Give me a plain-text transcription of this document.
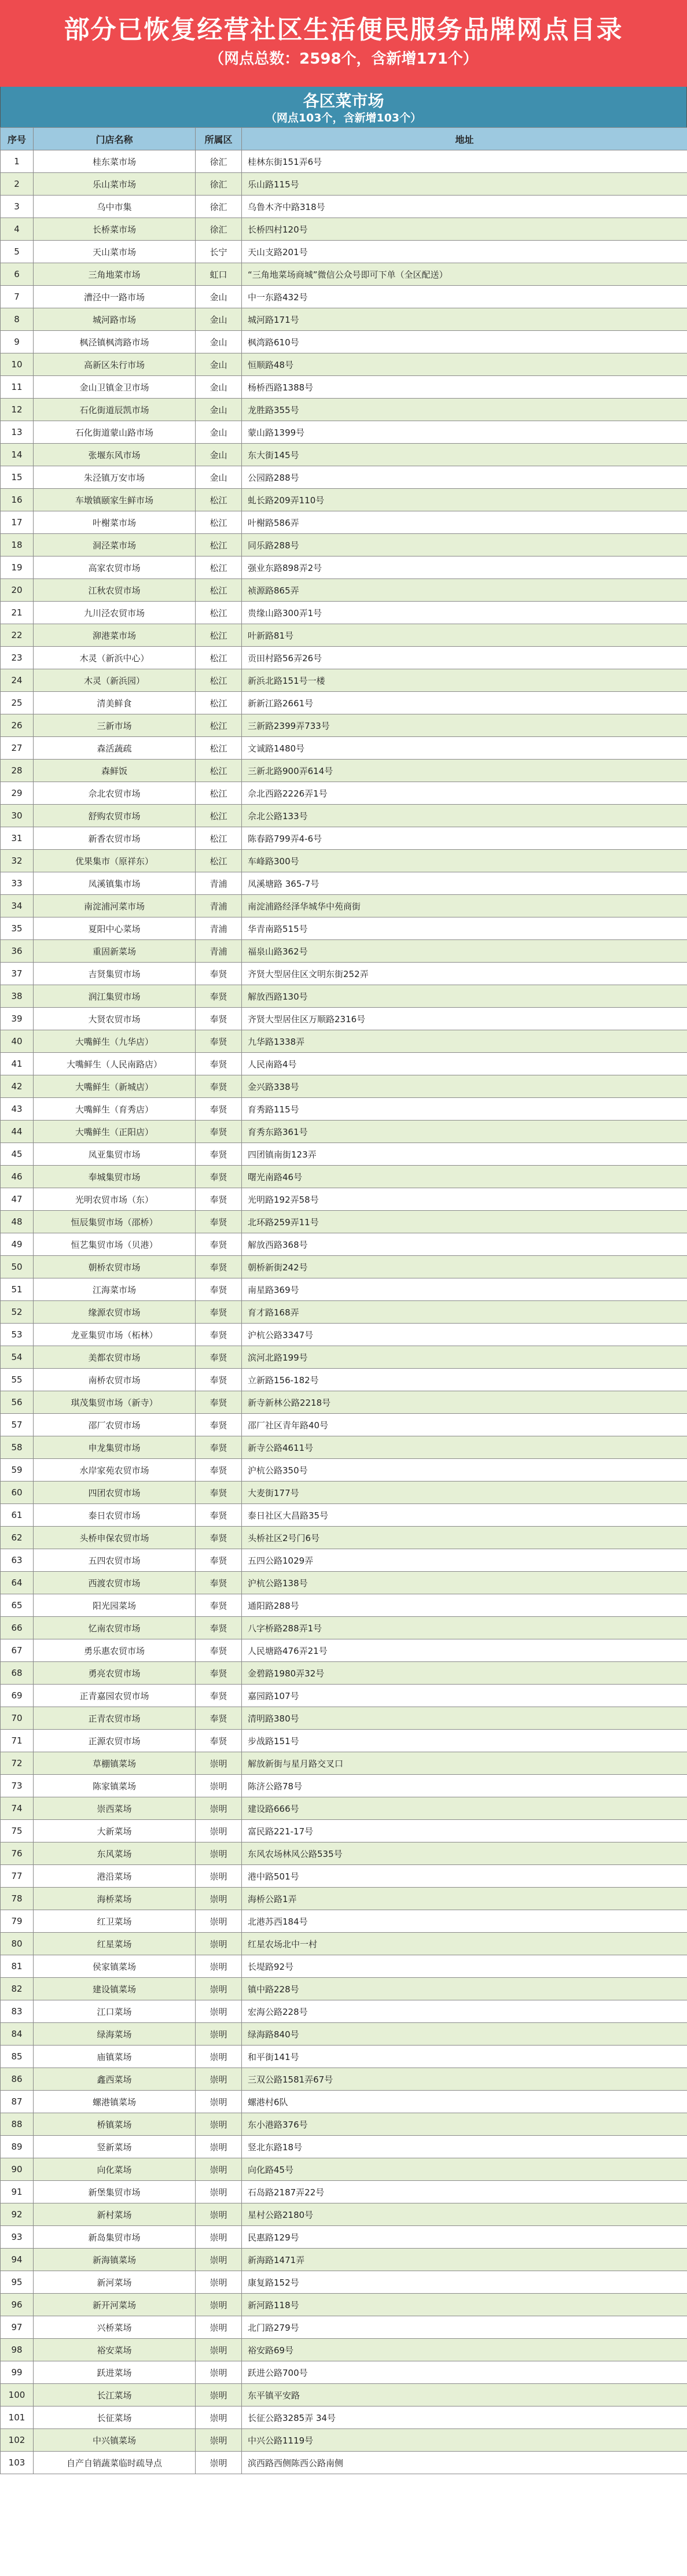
部分已恢复经营社区生活便民服务品牌网点目录
（网点总数：2598个，含新增171个）
各区菜市场
（网点103个，含新增103个）
序号	门店名称	所属区	地址
1	桂东菜市场	徐汇	桂林东街151弄6号
2	乐山菜市场	徐汇	乐山路115号
3	乌中市集	徐汇	乌鲁木齐中路318号
4	长桥菜市场	徐汇	长桥四村120号
5	天山菜市场	长宁	天山支路201号
6	三角地菜市场	虹口	“三角地菜场商城”微信公众号即可下单（全区配送）
7	漕泾中一路市场	金山	中一东路432号
8	城河路市场	金山	城河路171号
9	枫泾镇枫湾路市场	金山	枫湾路610号
10	高新区朱行市场	金山	恒顺路48号
11	金山卫镇金卫市场	金山	杨桥西路1388号
12	石化街道辰凯市场	金山	龙胜路355号
13	石化街道蒙山路市场	金山	蒙山路1399号
14	张堰东风市场	金山	东大街145号
15	朱泾镇万安市场	金山	公园路288号
16	车墩镇颐家生鲜市场	松江	虬长路209弄110号
17	叶榭菜市场	松江	叶榭路586弄
18	洞泾菜市场	松江	同乐路288号
19	高家农贸市场	松江	强业东路898弄2号
20	江秋农贸市场	松江	祯源路865弄
21	九川泾农贸市场	松江	贵缘山路300弄1号
22	泖港菜市场	松江	叶新路81号
23	木灵（新浜中心）	松江	贡田村路56弄26号
24	木灵（新浜园）	松江	新浜北路151号一楼
25	清美鲜食	松江	新新江路2661号
26	三新市场	松江	三新路2399弄733号
27	森活蔬疏	松江	文诚路1480号
28	森鲜饭	松江	三新北路900弄614号
29	佘北农贸市场	松江	佘北西路2226弄1号
30	舒购农贸市场	松江	佘北公路133号
31	新香农贸市场	松江	陈春路799弄4-6号
32	优果集市（原祥东）	松江	车峰路300号
33	凤溪镇集市场	青浦	凤溪塘路 365-7号
34	南淀浦河菜市场	青浦	南淀浦路经泽华城华中苑商街
35	夏阳中心菜场	青浦	华青南路515号
36	重固新菜场	青浦	福泉山路362号
37	吉贤集贸市场	奉贤	齐贤大型居住区文明东街252弄
38	润江集贸市场	奉贤	解放西路130号
39	大贤农贸市场	奉贤	齐贤大型居住区万顺路2316号
40	大嘴鲜生（九华店）	奉贤	九华路1338弄
41	大嘴鲜生（人民南路店）	奉贤	人民南路4号
42	大嘴鲜生（新城店）	奉贤	金兴路338号
43	大嘴鲜生（育秀店）	奉贤	育秀路115号
44	大嘴鲜生（正阳店）	奉贤	育秀东路361号
45	凤亚集贸市场	奉贤	四团镇南街123弄
46	奉城集贸市场	奉贤	曙光南路46号
47	光明农贸市场（东）	奉贤	光明路192弄58号
48	恒辰集贸市场（邵桥）	奉贤	北环路259弄11号
49	恒艺集贸市场（贝港）	奉贤	解放西路368号
50	朝桥农贸市场	奉贤	朝桥新街242号
51	江海菜市场	奉贤	南星路369号
52	缘源农贸市场	奉贤	育才路168弄
53	龙亚集贸市场（柘林）	奉贤	沪杭公路3347号
54	美都农贸市场	奉贤	滨河北路199号
55	南桥农贸市场	奉贤	立新路156-182号
56	琪茂集贸市场（新寺）	奉贤	新寺新林公路2218号
57	邵厂农贸市场	奉贤	邵厂社区青年路40号
58	申龙集贸市场	奉贤	新寺公路4611号
59	水岸家苑农贸市场	奉贤	沪杭公路350号
60	四团农贸市场	奉贤	大麦街177号
61	泰日农贸市场	奉贤	泰日社区大昌路35号
62	头桥申保农贸市场	奉贤	头桥社区2号门6号
63	五四农贸市场	奉贤	五四公路1029弄
64	西渡农贸市场	奉贤	沪杭公路138号
65	阳光园菜场	奉贤	通阳路288号
66	忆南农贸市场	奉贤	八字桥路288弄1号
67	勇乐惠农贸市场	奉贤	人民塘路476弄21号
68	勇亮农贸市场	奉贤	金碧路1980弄32号
69	正青嘉园农贸市场	奉贤	嘉园路107号
70	正青农贸市场	奉贤	清明路380号
71	正源农贸市场	奉贤	步战路151号
72	草棚镇菜场	崇明	解放新街与星月路交叉口
73	陈家镇菜场	崇明	陈济公路78号
74	崇西菜场	崇明	建设路666号
75	大新菜场	崇明	富民路221-17号
76	东风菜场	崇明	东风农场林风公路535号
77	港沿菜场	崇明	港中路501号
78	海桥菜场	崇明	海桥公路1弄
79	红卫菜场	崇明	北港苏西184号
80	红星菜场	崇明	红星农场北中一村
81	侯家镇菜场	崇明	长堤路92号
82	建设镇菜场	崇明	镇中路228号
83	江口菜场	崇明	宏海公路228号
84	绿海菜场	崇明	绿海路840号
85	庙镇菜场	崇明	和平街141号
86	鑫西菜场	崇明	三双公路1581弄67号
87	螺港镇菜场	崇明	螺港村6队
88	桥镇菜场	崇明	东小港路376号
89	竖新菜场	崇明	竖北东路18号
90	向化菜场	崇明	向化路45号
91	新堡集贸市场	崇明	石岛路2187弄22号
92	新村菜场	崇明	星村公路2180号
93	新岛集贸市场	崇明	民惠路129号
94	新海镇菜场	崇明	新海路1471弄
95	新河菜场	崇明	康复路152号
96	新开河菜场	崇明	新河路118号
97	兴桥菜场	崇明	北门路279号
98	裕安菜场	崇明	裕安路69号
99	跃进菜场	崇明	跃进公路700号
100	长江菜场	崇明	东平镇平安路
101	长征菜场	崇明	长征公路3285弄 34号
102	中兴镇菜场	崇明	中兴公路1119号
103	自产自销蔬菜临时疏导点	崇明	滨西路西侧陈西公路南侧
